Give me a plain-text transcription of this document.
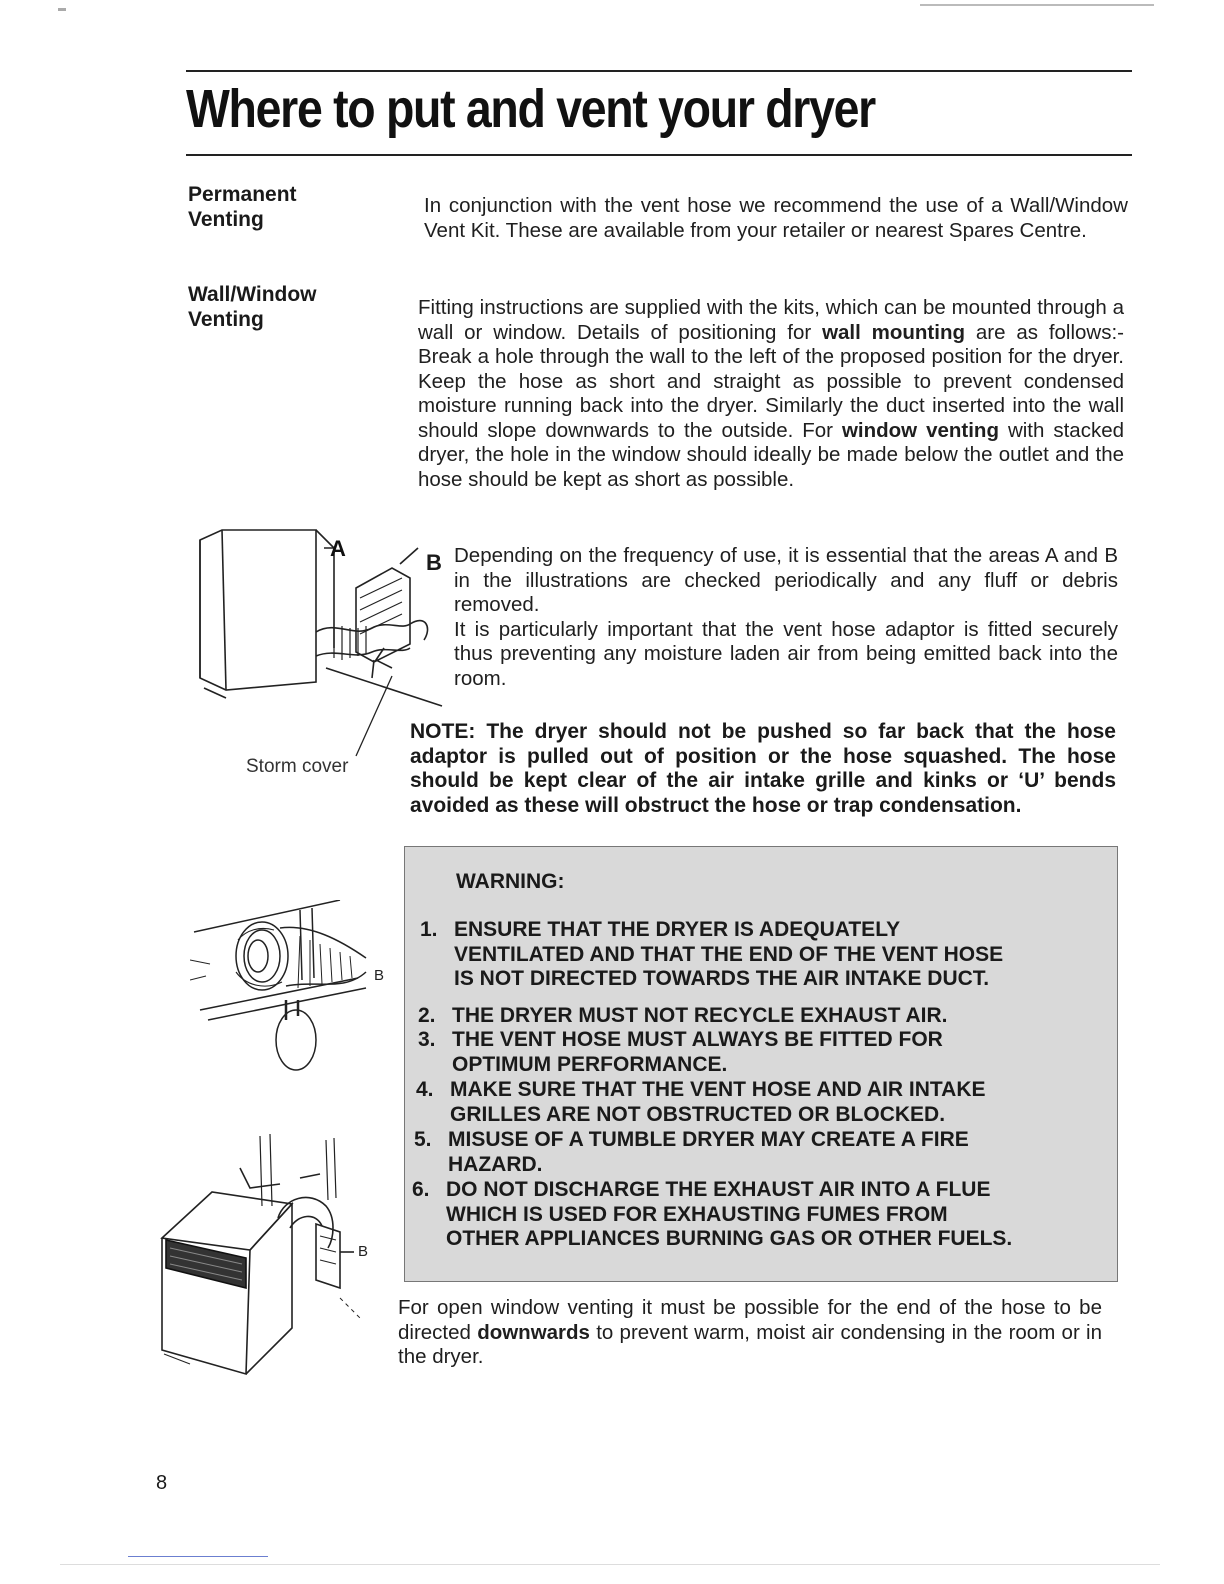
Where to put and vent your dryer
Permanent
Venting
In conjunction with the vent hose we recommend the use of a Wall/Window Vent Kit. These are available from your retailer or nearest Spares Centre.
Wall/Window
Venting
Fitting instructions are supplied with the kits, which can be mounted through a wall or window. Details of positioning for wall mounting are as follows:- Break a hole through the wall to the left of the proposed position for the dryer. Keep the hose as short and straight as possible to prevent condensed moisture running back into the dryer. Similarly the duct inserted into the wall should slope downwards to the outside. For window venting with stacked dryer, the hole in the window should ideally be made below the outlet and the hose should be kept as short as possible.
A
B
Storm cover
Depending on the frequency of use, it is essential that the areas A and B in the illustrations are checked periodically and any fluff or debris removed.
It is particularly important that the vent hose adaptor is fitted securely thus preventing any moisture laden air from being emitted back into the room.
NOTE: The dryer should not be pushed so far back that the hose adaptor is pulled out of position or the hose squashed. The hose should be kept clear of the air intake grille and kinks or ‘U’ bends avoided as these will obstruct the hose or trap condensation.
B
B
WARNING:
1. ENSURE THAT THE DRYER IS ADEQUATELY
VENTILATED AND THAT THE END OF THE VENT HOSE
IS NOT DIRECTED TOWARDS THE AIR INTAKE DUCT.
2. THE DRYER MUST NOT RECYCLE EXHAUST AIR.
3. THE VENT HOSE MUST ALWAYS BE FITTED FOR
OPTIMUM PERFORMANCE.
4. MAKE SURE THAT THE VENT HOSE AND AIR INTAKE
GRILLES ARE NOT OBSTRUCTED OR BLOCKED.
5. MISUSE OF A TUMBLE DRYER MAY CREATE A FIRE
HAZARD.
6. DO NOT DISCHARGE THE EXHAUST AIR INTO A FLUE
WHICH IS USED FOR EXHAUSTING FUMES FROM
OTHER APPLIANCES BURNING GAS OR OTHER FUELS.
For open window venting it must be possible for the end of the hose to be directed downwards to prevent warm, moist air condensing in the room or in the dryer.
8
